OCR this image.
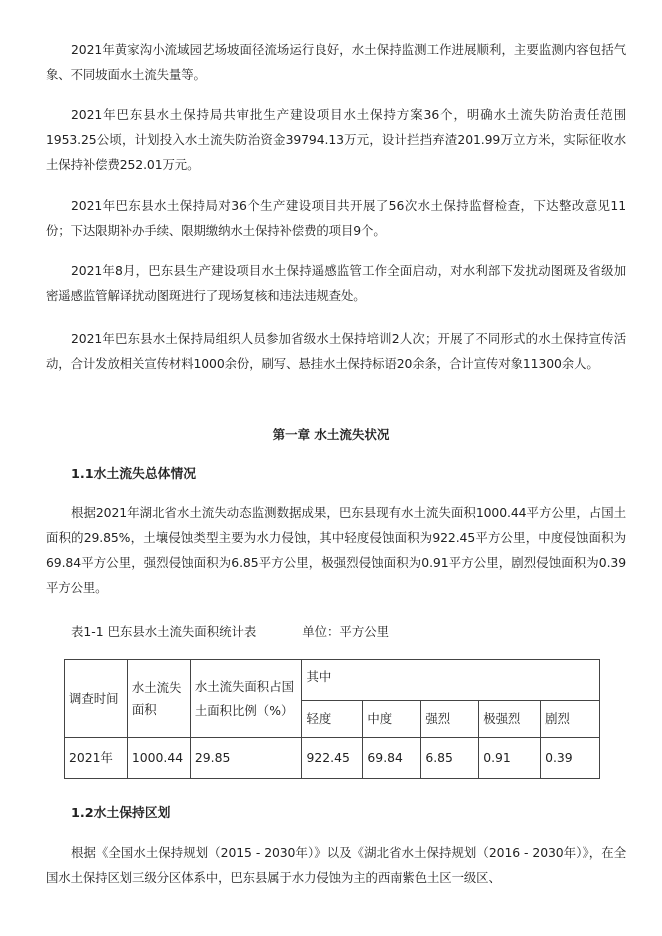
2021年黄家沟小流域园艺场坡面径流场运行良好，水土保持监测工作进展顺利，主要监测内容包括气象、不同坡面水土流失量等。

2021年巴东县水土保持局共审批生产建设项目水土保持方案36个，明确水土流失防治责任范围1953.25公顷，计划投入水土流失防治资金39794.13万元，设计拦挡弃渣201.99万立方米，实际征收水土保持补偿费252.01万元。

2021年巴东县水土保持局对36个生产建设项目共开展了56次水土保持监督检查，下达整改意见11份；下达限期补办手续、限期缴纳水土保持补偿费的项目9个。

2021年8月，巴东县生产建设项目水土保持遥感监管工作全面启动，对水利部下发扰动图斑及省级加密遥感监管解译扰动图斑进行了现场复核和违法违规查处。

2021年巴东县水土保持局组织人员参加省级水土保持培训2人次；开展了不同形式的水土保持宣传活动，合计发放相关宣传材料1000余份，刷写、悬挂水土保持标语20余条，合计宣传对象11300余人。

第一章 水土流失状况
1.1水土流失总体情况

根据2021年湖北省水土流失动态监测数据成果，巴东县现有水土流失面积1000.44平方公里，占国土面积的29.85%，土壤侵蚀类型主要为水力侵蚀，其中轻度侵蚀面积为922.45平方公里，中度侵蚀面积为69.84平方公里，强烈侵蚀面积为6.85平方公里，极强烈侵蚀面积为0.91平方公里，剧烈侵蚀面积为0.39平方公里。

表1-1 巴东县水土流失面积统计表	单位：平方公里

调查时间	水土流失面积	水土流失面积占国土面积比例（%）	其中				
			轻度	中度	强烈	极强烈	剧烈
2021年	1000.44	29.85	922.45	69.84	6.85	0.91	0.39
1.2水土保持区划

根据《全国水土保持规划（2015 - 2030年）》以及《湖北省水土保持规划（2016 - 2030年）》，在全国水土保持区划三级分区体系中，巴东县属于水力侵蚀为主的西南紫色土区一级区、
